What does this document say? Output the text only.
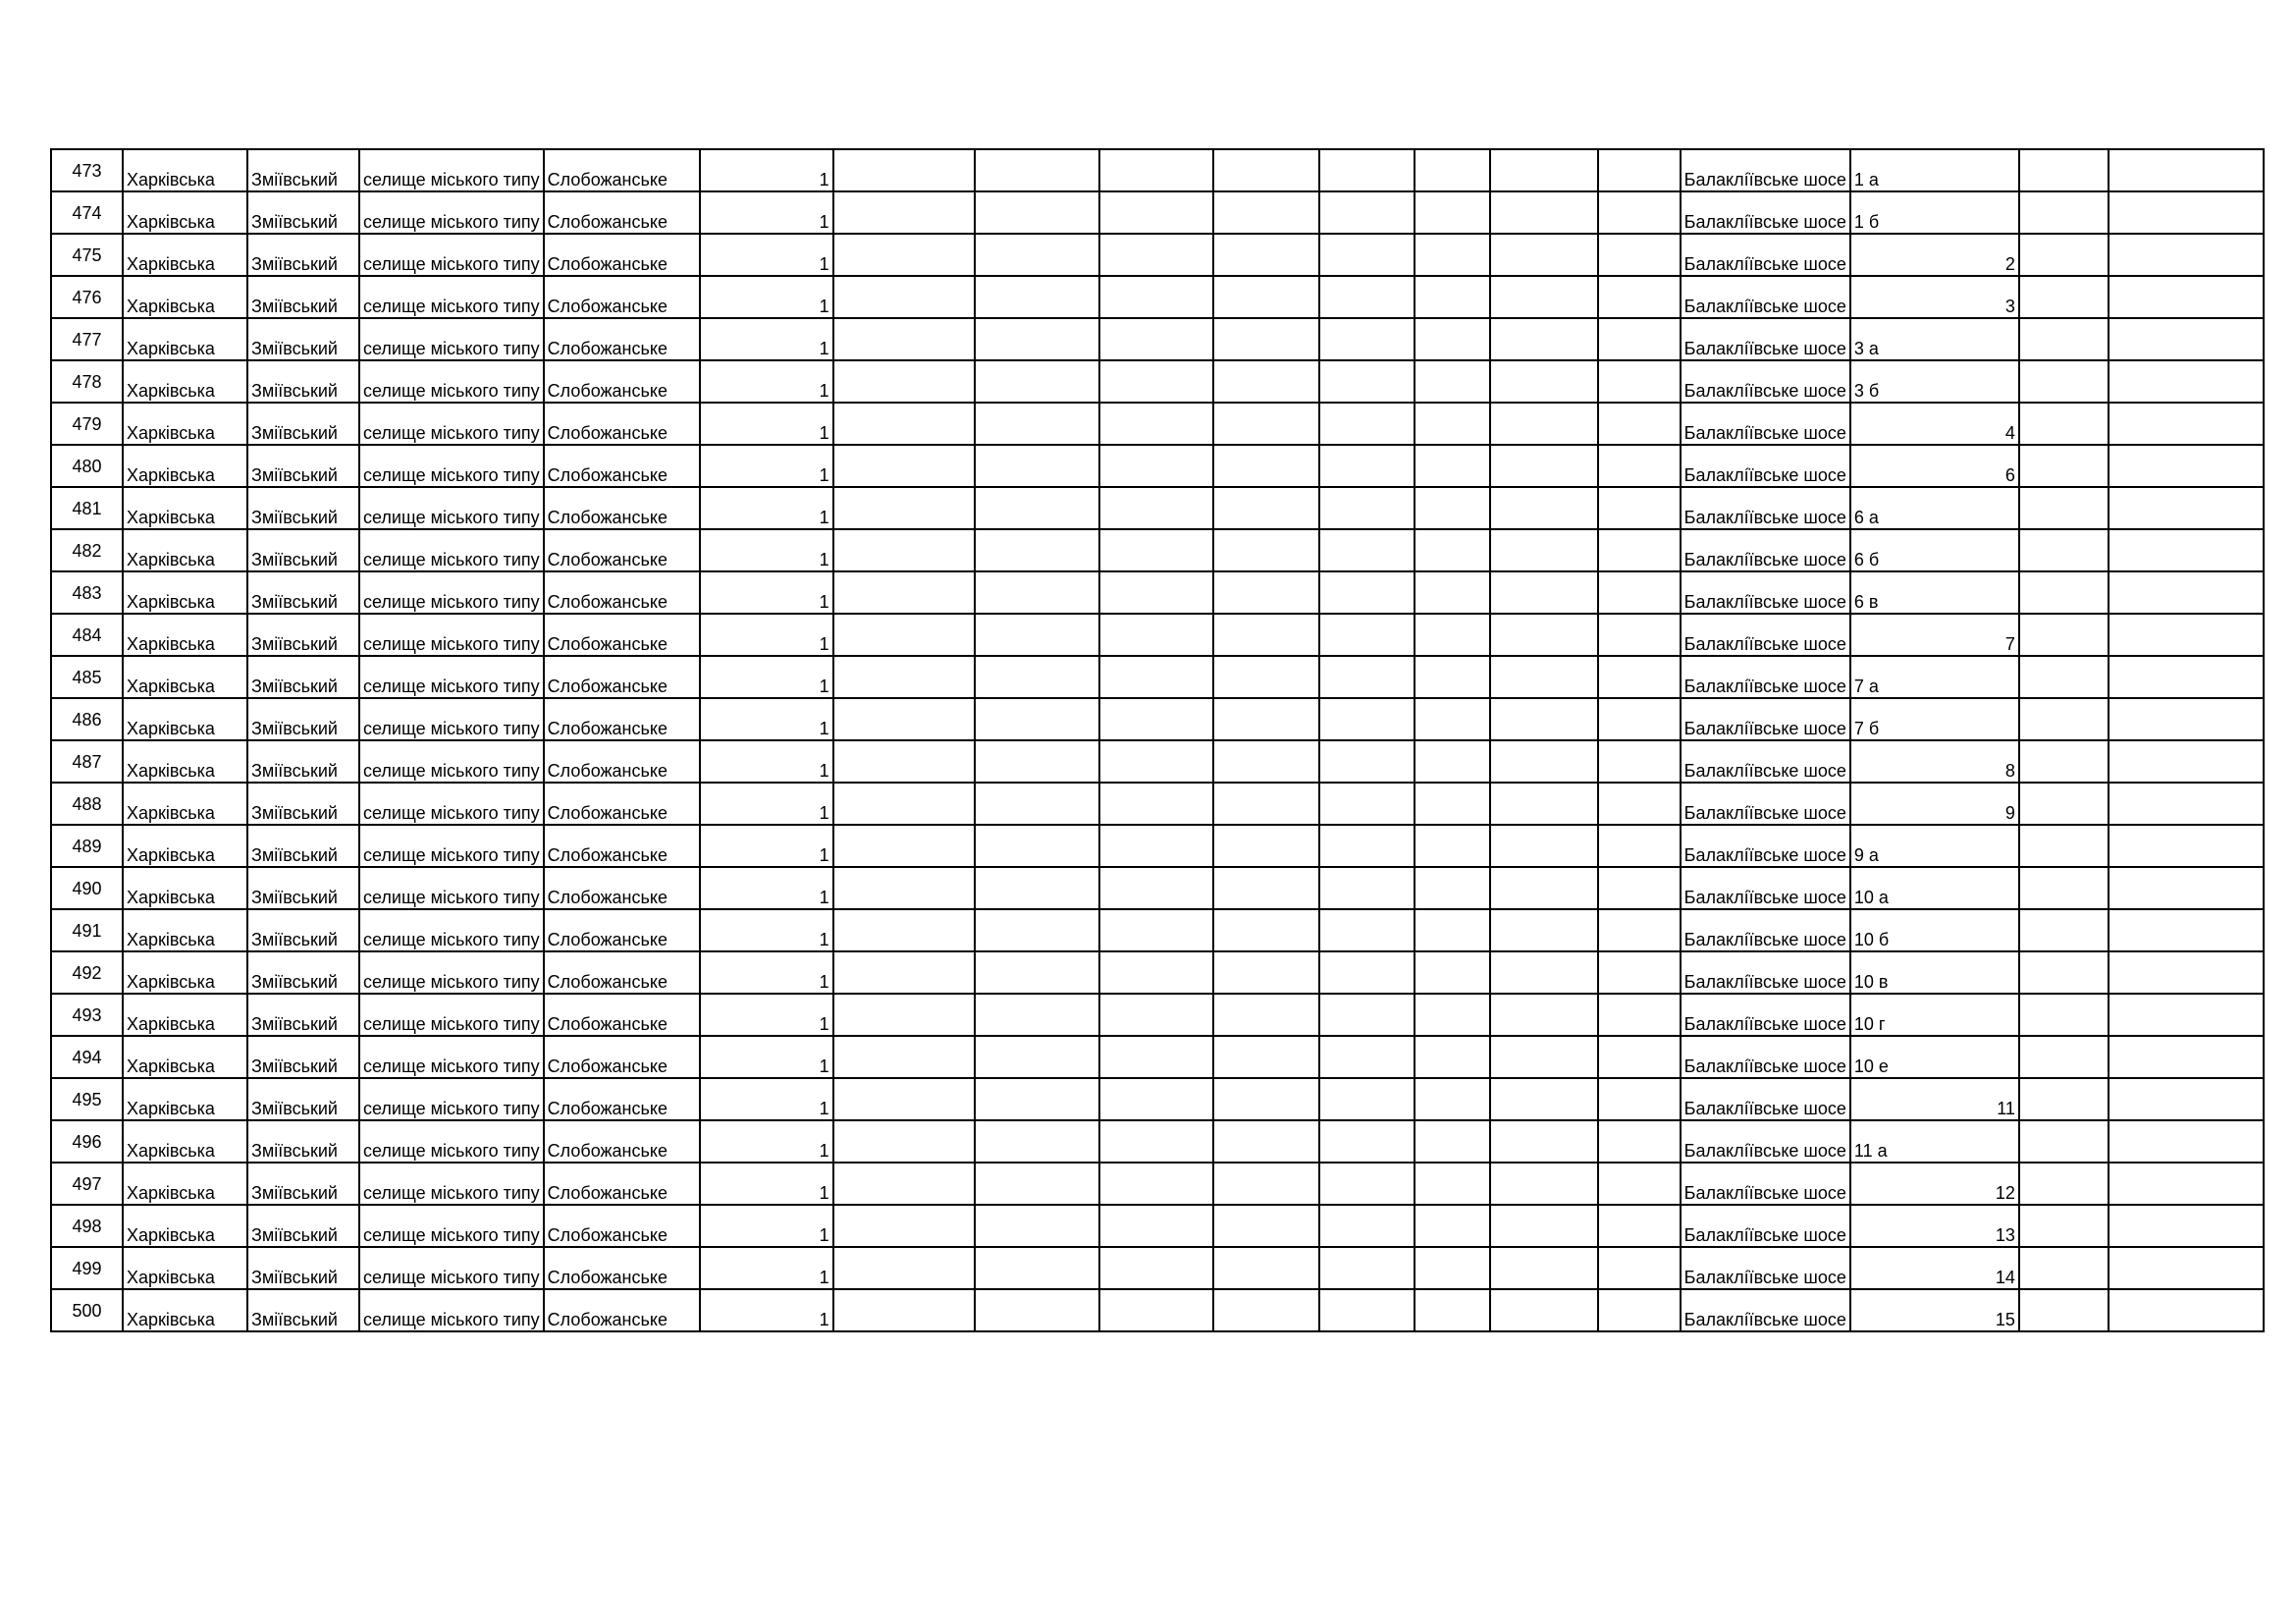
473	Харківська	Зміївський	селище міського типу	Слобожанське	1									Балаклíївське шосе	1 а		
474	Харківська	Зміївський	селище міського типу	Слобожанське	1									Балаклíївське шосе	1 б		
475	Харківська	Зміївський	селище міського типу	Слобожанське	1									Балаклíївське шосе	2		
476	Харківська	Зміївський	селище міського типу	Слобожанське	1									Балаклíївське шосе	3		
477	Харківська	Зміївський	селище міського типу	Слобожанське	1									Балаклíївське шосе	3 а		
478	Харківська	Зміївський	селище міського типу	Слобожанське	1									Балаклíївське шосе	3 б		
479	Харківська	Зміївський	селище міського типу	Слобожанське	1									Балаклíївське шосе	4		
480	Харківська	Зміївський	селище міського типу	Слобожанське	1									Балаклíївське шосе	6		
481	Харківська	Зміївський	селище міського типу	Слобожанське	1									Балаклíївське шосе	6 а		
482	Харківська	Зміївський	селище міського типу	Слобожанське	1									Балаклíївське шосе	6 б		
483	Харківська	Зміївський	селище міського типу	Слобожанське	1									Балаклíївське шосе	6 в		
484	Харківська	Зміївський	селище міського типу	Слобожанське	1									Балаклíївське шосе	7		
485	Харківська	Зміївський	селище міського типу	Слобожанське	1									Балаклíївське шосе	7 а		
486	Харківська	Зміївський	селище міського типу	Слобожанське	1									Балаклíївське шосе	7 б		
487	Харківська	Зміївський	селище міського типу	Слобожанське	1									Балаклíївське шосе	8		
488	Харківська	Зміївський	селище міського типу	Слобожанське	1									Балаклíївське шосе	9		
489	Харківська	Зміївський	селище міського типу	Слобожанське	1									Балаклíївське шосе	9 а		
490	Харківська	Зміївський	селище міського типу	Слобожанське	1									Балаклíївське шосе	10 а		
491	Харківська	Зміївський	селище міського типу	Слобожанське	1									Балаклíївське шосе	10 б		
492	Харківська	Зміївський	селище міського типу	Слобожанське	1									Балаклíївське шосе	10 в		
493	Харківська	Зміївський	селище міського типу	Слобожанське	1									Балаклíївське шосе	10 г		
494	Харківська	Зміївський	селище міського типу	Слобожанське	1									Балаклíївське шосе	10 е		
495	Харківська	Зміївський	селище міського типу	Слобожанське	1									Балаклíївське шосе	11		
496	Харківська	Зміївський	селище міського типу	Слобожанське	1									Балаклíївське шосе	11 а		
497	Харківська	Зміївський	селище міського типу	Слобожанське	1									Балаклíївське шосе	12		
498	Харківська	Зміївський	селище міського типу	Слобожанське	1									Балаклíївське шосе	13		
499	Харківська	Зміївський	селище міського типу	Слобожанське	1									Балаклíївське шосе	14		
500	Харківська	Зміївський	селище міського типу	Слобожанське	1									Балаклíївське шосе	15		
